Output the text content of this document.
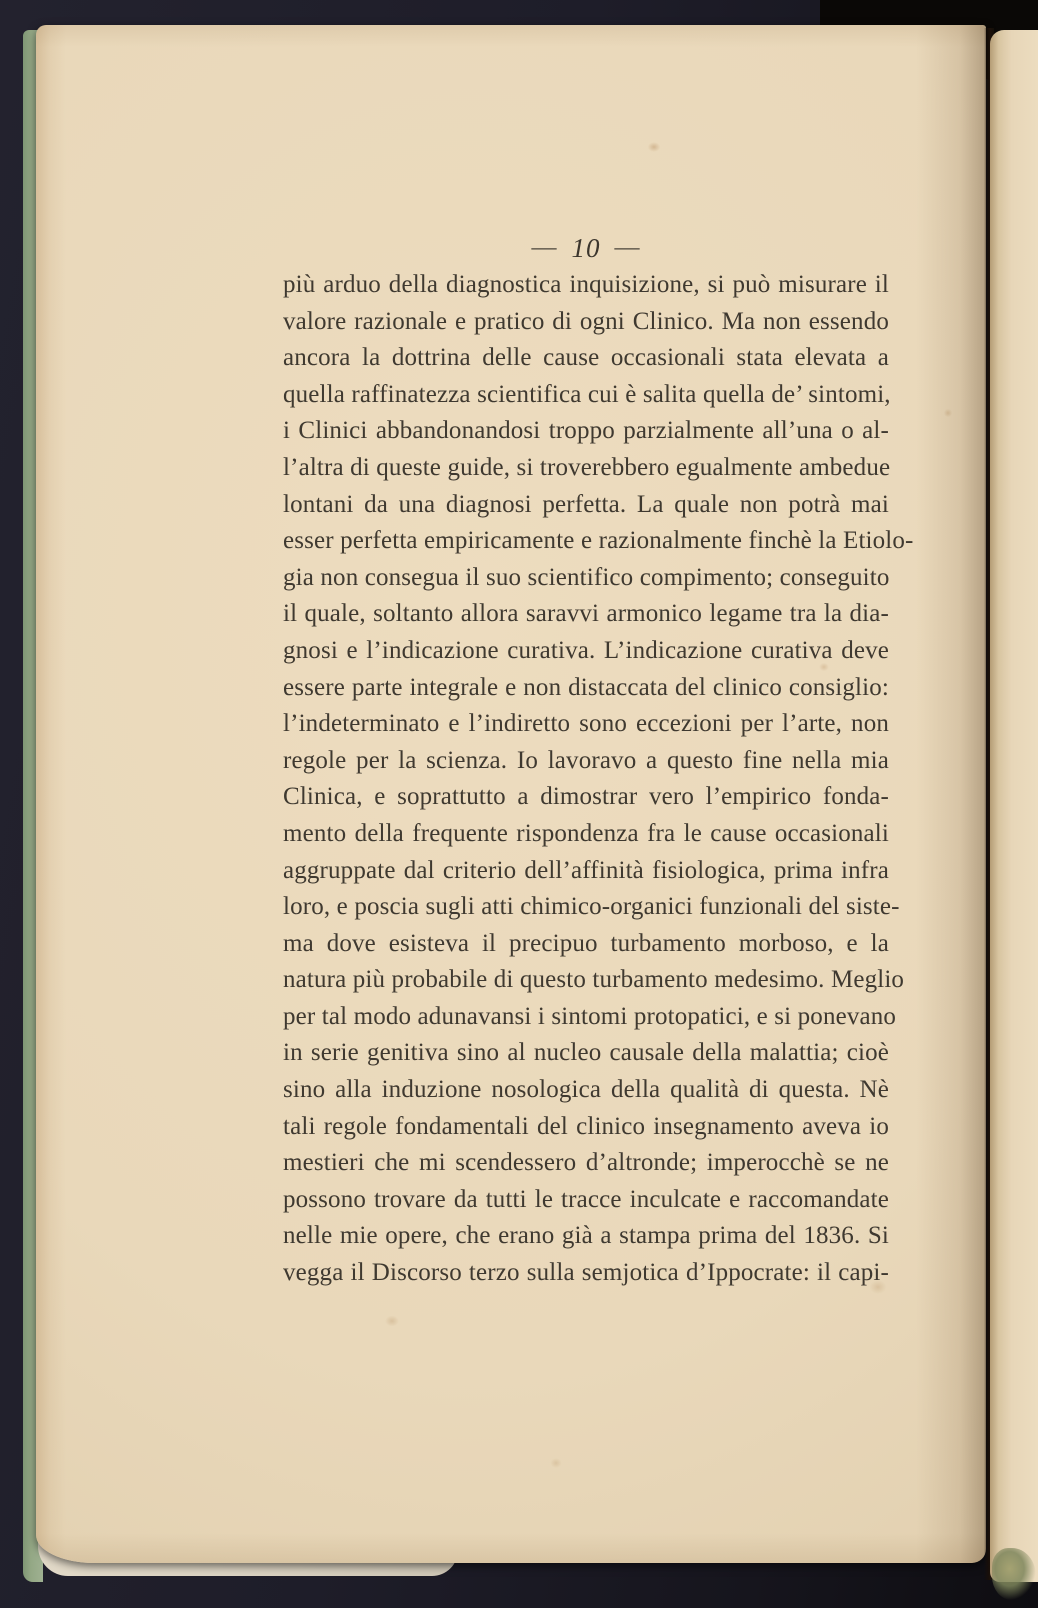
— 10 —
più arduo della diagnostica inquisizione, si può misurare il
valore razionale e pratico di ogni Clinico. Ma non essendo
ancora la dottrina delle cause occasionali stata elevata a
quella raffinatezza scientifica cui è salita quella de’ sintomi,
i Clinici abbandonandosi troppo parzialmente all’una o al-
l’altra di queste guide, si troverebbero egualmente ambedue
lontani da una diagnosi perfetta. La quale non potrà mai
esser perfetta empiricamente e razionalmente finchè la Etiolo-
gia non consegua il suo scientifico compimento; conseguito
il quale, soltanto allora saravvi armonico legame tra la dia-
gnosi e l’indicazione curativa. L’indicazione curativa deve
essere parte integrale e non distaccata del clinico consiglio:
l’indeterminato e l’indiretto sono eccezioni per l’arte, non
regole per la scienza. Io lavoravo a questo fine nella mia
Clinica, e soprattutto a dimostrar vero l’empirico fonda-
mento della frequente rispondenza fra le cause occasionali
aggruppate dal criterio dell’affinità fisiologica, prima infra
loro, e poscia sugli atti chimico-organici funzionali del siste-
ma dove esisteva il precipuo turbamento morboso, e la
natura più probabile di questo turbamento medesimo. Meglio
per tal modo adunavansi i sintomi protopatici, e si ponevano
in serie genitiva sino al nucleo causale della malattia; cioè
sino alla induzione nosologica della qualità di questa. Nè
tali regole fondamentali del clinico insegnamento aveva io
mestieri che mi scendessero d’altronde; imperocchè se ne
possono trovare da tutti le tracce inculcate e raccomandate
nelle mie opere, che erano già a stampa prima del 1836. Si
vegga il Discorso terzo sulla semjotica d’Ippocrate: il capi-
